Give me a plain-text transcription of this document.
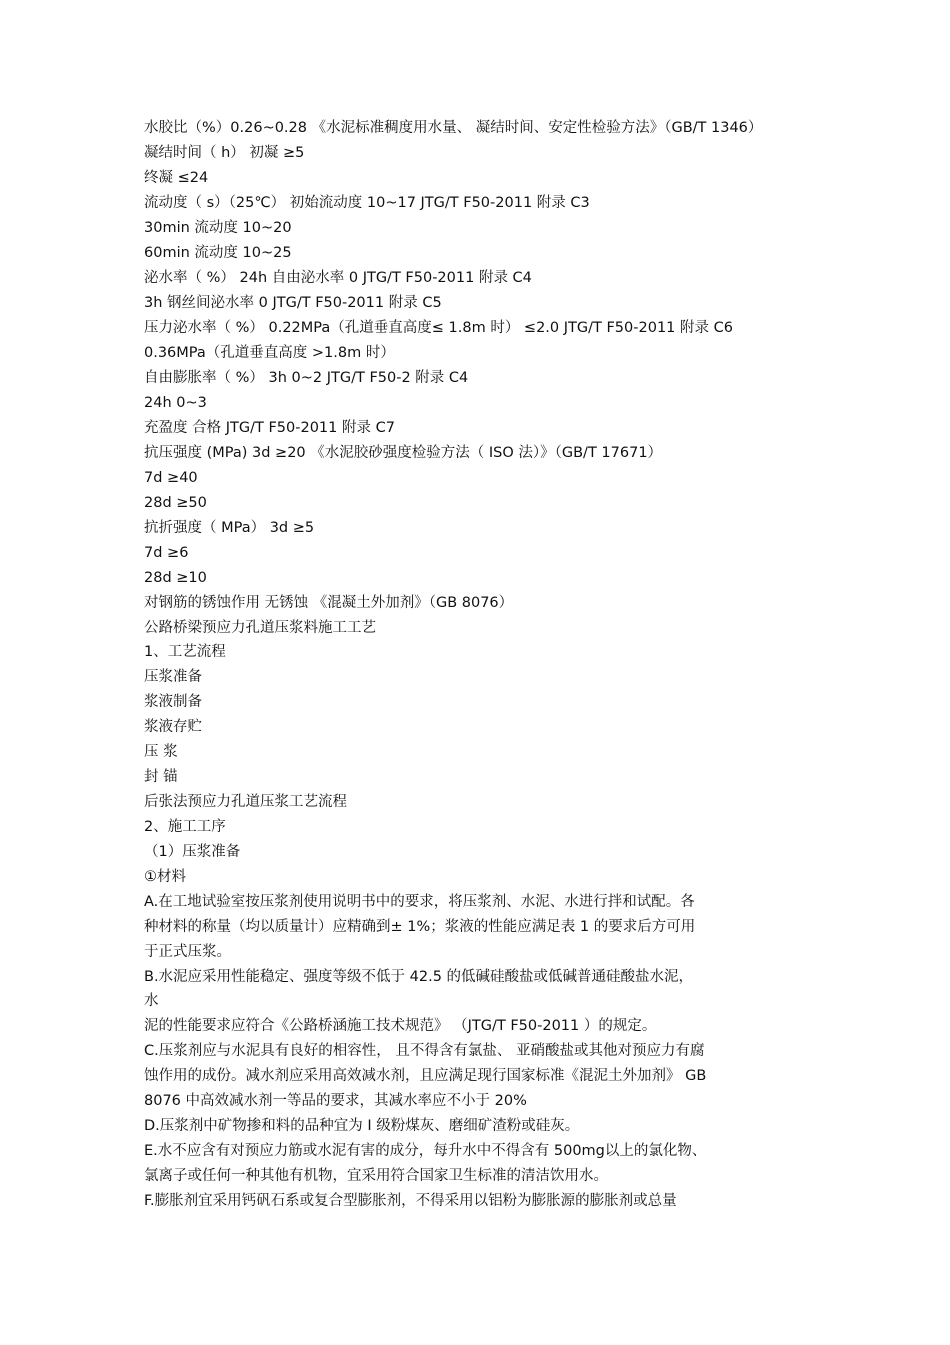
水胶比（%）0.26~0.28 《水泥标准稠度用水量、 凝结时间、安定性检验方法》（GB/T 1346）
凝结时间（ h） 初凝 ≥5
终凝 ≤24
流动度（ s）（25℃） 初始流动度 10~17 JTG/T F50-2011 附录 C3
30min 流动度 10~20
60min 流动度 10~25
泌水率（ %） 24h 自由泌水率 0 JTG/T F50-2011 附录 C4
3h 钢丝间泌水率 0 JTG/T F50-2011 附录 C5
压力泌水率（ %） 0.22MPa（孔道垂直高度≤ 1.8m 时） ≤2.0 JTG/T F50-2011 附录 C6
0.36MPa（孔道垂直高度 >1.8m 时）
自由膨胀率（ %） 3h 0~2 JTG/T F50-2 附录 C4
24h 0~3
充盈度 合格 JTG/T F50-2011 附录 C7
抗压强度 (MPa) 3d ≥20 《水泥胶砂强度检验方法（ ISO 法）》（GB/T 17671）
7d ≥40
28d ≥50
抗折强度（ MPa） 3d ≥5
7d ≥6
28d ≥10
对钢筋的锈蚀作用 无锈蚀 《混凝土外加剂》（GB 8076）
公路桥梁预应力孔道压浆料施工工艺
1、工艺流程
压浆准备
浆液制备
浆液存贮
压 浆
封 锚
后张法预应力孔道压浆工艺流程
2、施工工序
（1）压浆准备
①材料
A.在工地试验室按压浆剂使用说明书中的要求，将压浆剂、水泥、水进行拌和试配。各
种材料的称量（均以质量计）应精确到± 1%；浆液的性能应满足表 1 的要求后方可用
于正式压浆。
B.水泥应采用性能稳定、强度等级不低于 42.5 的低碱硅酸盐或低碱普通硅酸盐水泥，
水
泥的性能要求应符合《公路桥涵施工技术规范》 （JTG/T F50-2011 ）的规定。
C.压浆剂应与水泥具有良好的相容性， 且不得含有氯盐、 亚硝酸盐或其他对预应力有腐
蚀作用的成份。减水剂应采用高效减水剂，且应满足现行国家标准《混泥土外加剂》 GB
8076 中高效减水剂一等品的要求，其减水率应不小于 20%
D.压浆剂中矿物掺和料的品种宜为 I 级粉煤灰、磨细矿渣粉或硅灰。
E.水不应含有对预应力筋或水泥有害的成分，每升水中不得含有 500mg以上的氯化物、
氯离子或任何一种其他有机物，宜采用符合国家卫生标准的清洁饮用水。
F.膨胀剂宜采用钙矾石系或复合型膨胀剂，不得采用以铝粉为膨胀源的膨胀剂或总量
